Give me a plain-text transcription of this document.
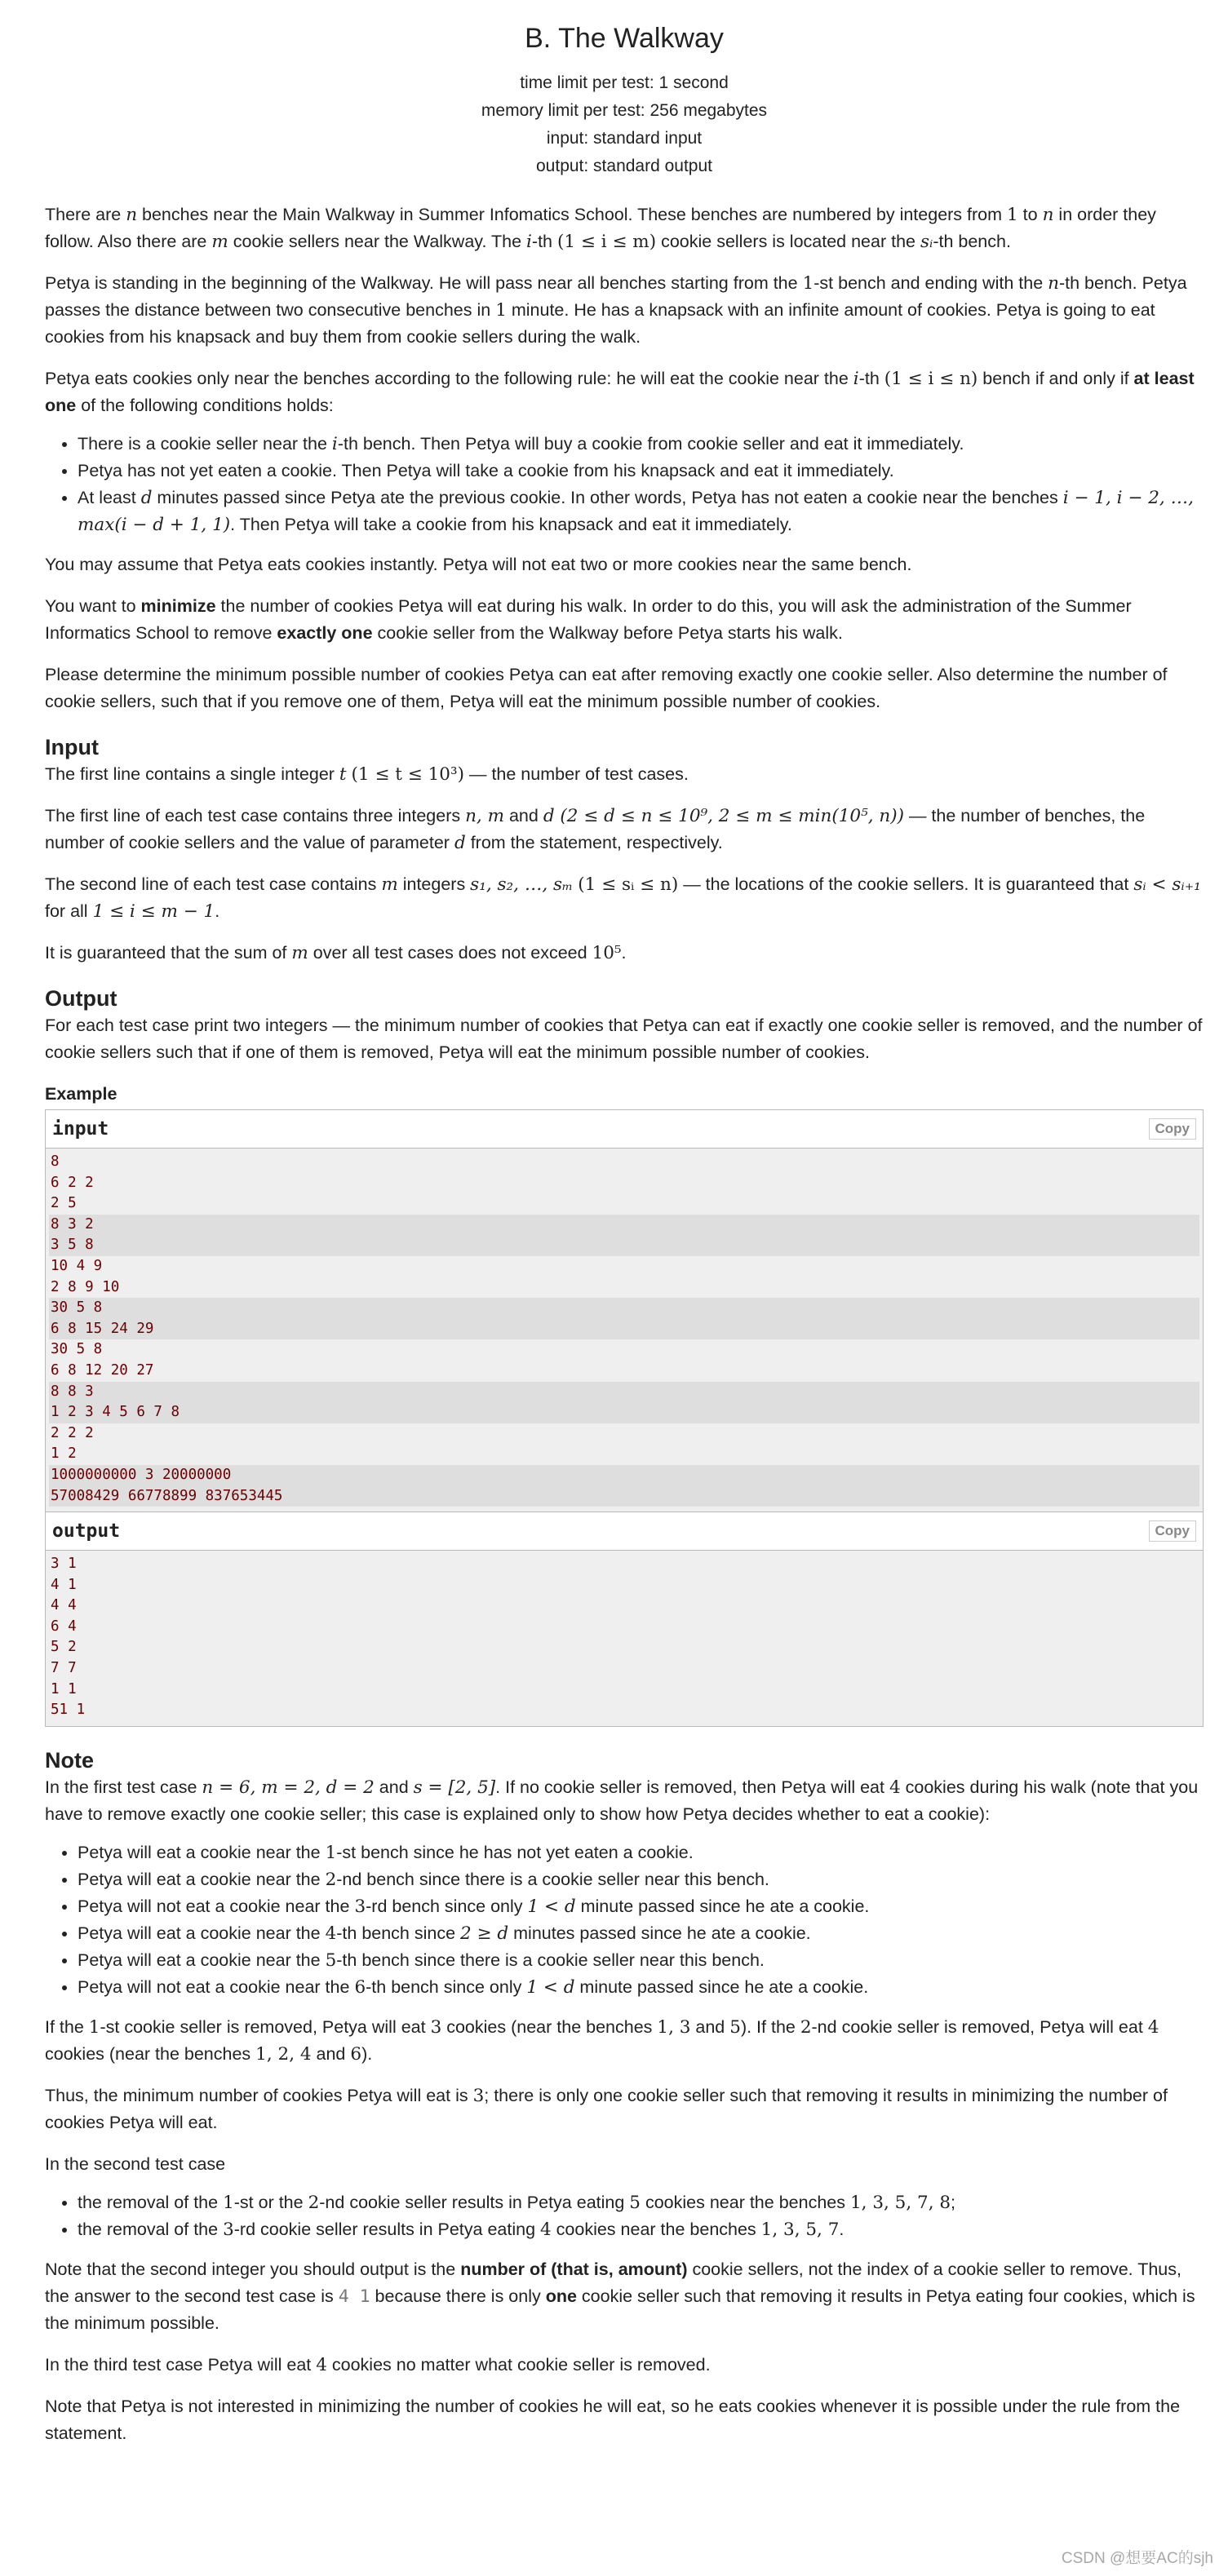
B. The Walkway
time limit per test: 1 second
memory limit per test: 256 megabytes
input: standard input
output: standard output

There are n benches near the Main Walkway in Summer Infomatics School. These benches are numbered by integers from 1 to n in order they follow. Also there are m cookie sellers near the Walkway. The i-th (1 ≤ i ≤ m) cookie sellers is located near the sᵢ-th bench.

Petya is standing in the beginning of the Walkway. He will pass near all benches starting from the 1-st bench and ending with the n-th bench. Petya passes the distance between two consecutive benches in 1 minute. He has a knapsack with an infinite amount of cookies. Petya is going to eat cookies from his knapsack and buy them from cookie sellers during the walk.

Petya eats cookies only near the benches according to the following rule: he will eat the cookie near the i-th (1 ≤ i ≤ n) bench if and only if at least one of the following conditions holds:

• There is a cookie seller near the i-th bench. Then Petya will buy a cookie from cookie seller and eat it immediately.
• Petya has not yet eaten a cookie. Then Petya will take a cookie from his knapsack and eat it immediately.
• At least d minutes passed since Petya ate the previous cookie. In other words, Petya has not eaten a cookie near the benches i − 1, i − 2, …, max(i − d + 1, 1). Then Petya will take a cookie from his knapsack and eat it immediately.

You may assume that Petya eats cookies instantly. Petya will not eat two or more cookies near the same bench.

You want to minimize the number of cookies Petya will eat during his walk. In order to do this, you will ask the administration of the Summer Informatics School to remove exactly one cookie seller from the Walkway before Petya starts his walk.

Please determine the minimum possible number of cookies Petya can eat after removing exactly one cookie seller. Also determine the number of cookie sellers, such that if you remove one of them, Petya will eat the minimum possible number of cookies.

Input

The first line contains a single integer t (1 ≤ t ≤ 10³) — the number of test cases.

The first line of each test case contains three integers n, m and d (2 ≤ d ≤ n ≤ 10⁹, 2 ≤ m ≤ min(10⁵, n)) — the number of benches, the number of cookie sellers and the value of parameter d from the statement, respectively.

The second line of each test case contains m integers s₁, s₂, …, sₘ (1 ≤ sᵢ ≤ n) — the locations of the cookie sellers. It is guaranteed that sᵢ < sᵢ₊₁ for all 1 ≤ i ≤ m − 1.

It is guaranteed that the sum of m over all test cases does not exceed 10⁵.

Output

For each test case print two integers — the minimum number of cookies that Petya can eat if exactly one cookie seller is removed, and the number of cookie sellers such that if one of them is removed, Petya will eat the minimum possible number of cookies.

Example
input	Copy
8
6 2 2
2 5
8 3 2
3 5 8
10 4 9
2 8 9 10
30 5 8
6 8 15 24 29
30 5 8
6 8 12 20 27
8 8 3
1 2 3 4 5 6 7 8
2 2 2
1 2
1000000000 3 20000000
57008429 66778899 837653445
output	Copy
3 1
4 1
4 4
6 4
5 2
7 7
1 1
51 1
Note

In the first test case n = 6, m = 2, d = 2 and s = [2, 5]. If no cookie seller is removed, then Petya will eat 4 cookies during his walk (note that you have to remove exactly one cookie seller; this case is explained only to show how Petya decides whether to eat a cookie):

• Petya will eat a cookie near the 1-st bench since he has not yet eaten a cookie.
• Petya will eat a cookie near the 2-nd bench since there is a cookie seller near this bench.
• Petya will not eat a cookie near the 3-rd bench since only 1 < d minute passed since he ate a cookie.
• Petya will eat a cookie near the 4-th bench since 2 ≥ d minutes passed since he ate a cookie.
• Petya will eat a cookie near the 5-th bench since there is a cookie seller near this bench.
• Petya will not eat a cookie near the 6-th bench since only 1 < d minute passed since he ate a cookie.

If the 1-st cookie seller is removed, Petya will eat 3 cookies (near the benches 1, 3 and 5). If the 2-nd cookie seller is removed, Petya will eat 4 cookies (near the benches 1, 2, 4 and 6).

Thus, the minimum number of cookies Petya will eat is 3; there is only one cookie seller such that removing it results in minimizing the number of cookies Petya will eat.

In the second test case

• the removal of the 1-st or the 2-nd cookie seller results in Petya eating 5 cookies near the benches 1, 3, 5, 7, 8;
• the removal of the 3-rd cookie seller results in Petya eating 4 cookies near the benches 1, 3, 5, 7.

Note that the second integer you should output is the number of (that is, amount) cookie sellers, not the index of a cookie seller to remove. Thus, the answer to the second test case is 4 1 because there is only one cookie seller such that removing it results in Petya eating four cookies, which is the minimum possible.

In the third test case Petya will eat 4 cookies no matter what cookie seller is removed.

Note that Petya is not interested in minimizing the number of cookies he will eat, so he eats cookies whenever it is possible under the rule from the statement.

CSDN @想要AC的sjh
